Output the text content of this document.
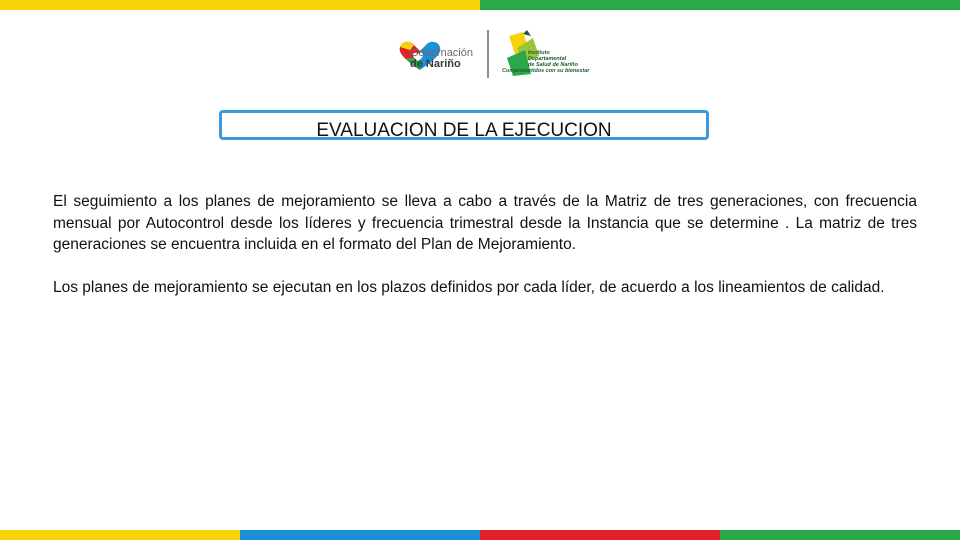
Gobernación
de Nariño
Instituto
Departamental
de Salud de Nariño
Comprometidos con su bienestar
EVALUACION DE LA EJECUCION

El seguimiento a los planes de mejoramiento se lleva a cabo a través de la Matriz de tres generaciones, con frecuencia mensual por Autocontrol desde los líderes y frecuencia trimestral desde la Instancia que se determine . La matriz de tres generaciones se encuentra incluida en el formato del Plan de Mejoramiento.

Los planes de mejoramiento se ejecutan en los plazos definidos por cada líder, de acuerdo a los lineamientos de calidad.
